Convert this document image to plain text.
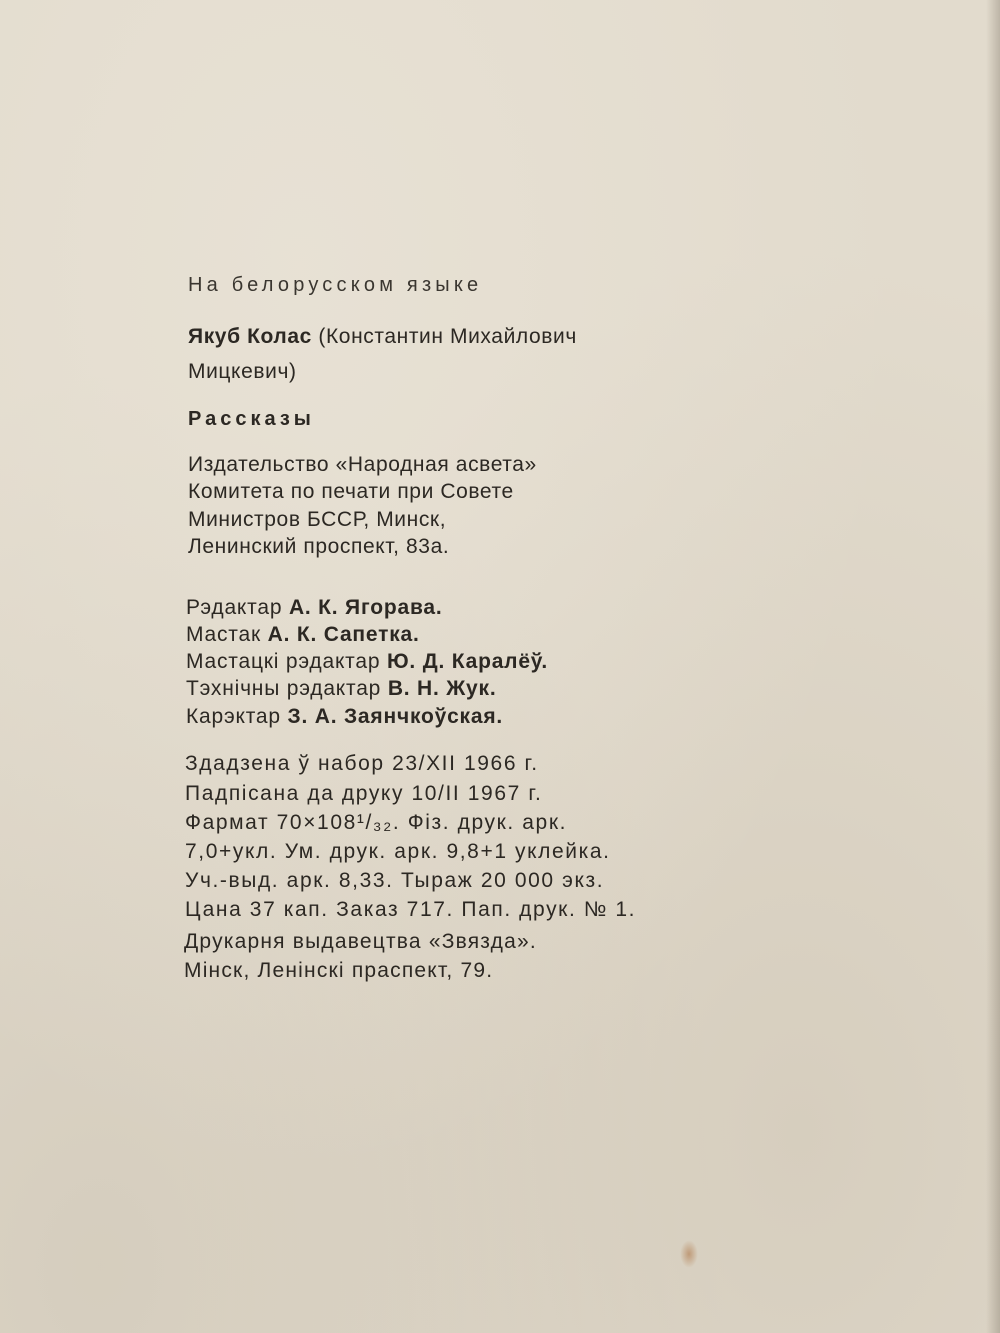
На белорусском языке

Якуб Колас (Константин Михайлович

Мицкевич)

Рассказы

Издательство «Народная асвета»

Комитета по печати при Совете

Министров БССР, Минск,

Ленинский проспект, 83а.

Рэдактар А. К. Ягорава.

Мастак А. К. Сапетка.

Мастацкі рэдактар Ю. Д. Каралёў.

Тэхнічны рэдактар В. Н. Жук.

Карэктар З. А. Заянчкоўская.

Здадзена ў набор 23/XII 1966 г.

Падпісана да друку 10/II 1967 г.

Фармат 70×108¹/₃₂. Фіз. друк. арк.

7,0+укл. Ум. друк. арк. 9,8+1 уклейка.

Уч.-выд. арк. 8,33. Тыраж 20 000 экз.

Цана 37 кап. Заказ 717. Пап. друк. № 1.

Друкарня выдавецтва «Звязда».

Мінск, Ленінскі праспект, 79.
